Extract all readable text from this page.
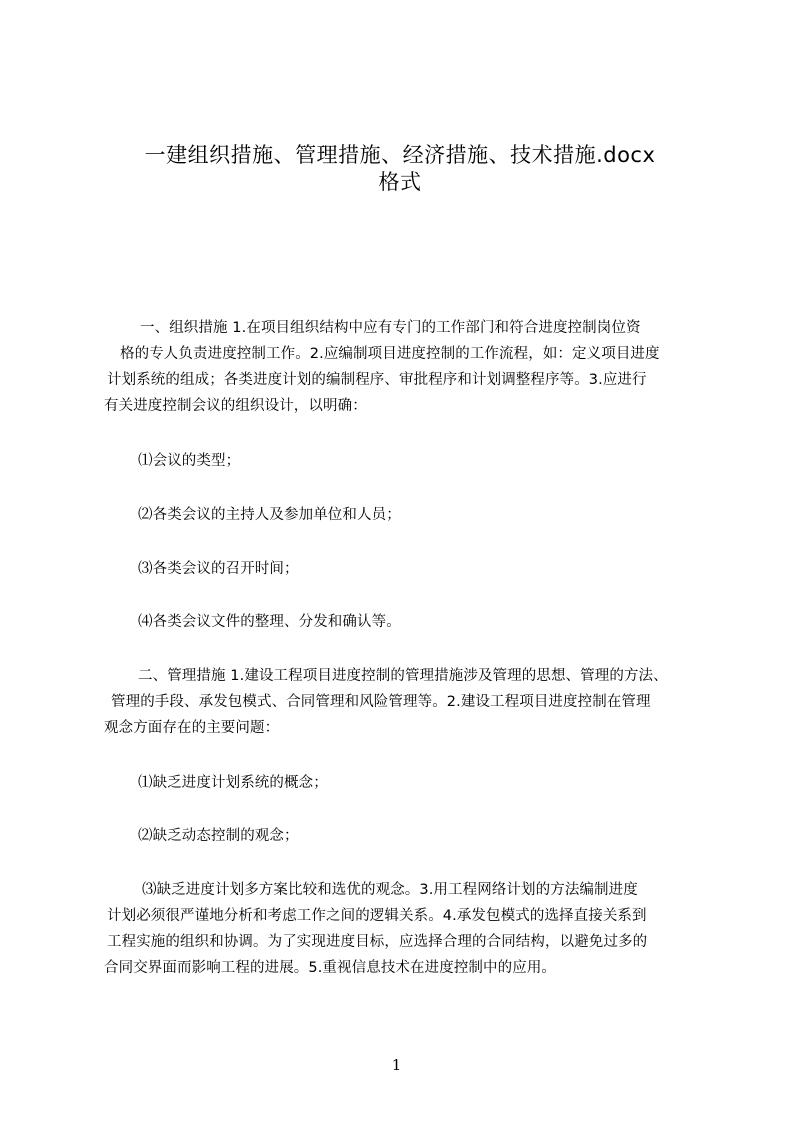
一建组织措施、管理措施、经济措施、技术措施.docx
格式
一、组织措施 1.在项目组织结构中应有专门的工作部门和符合进度控制岗位资
格的专人负责进度控制工作。2.应编制项目进度控制的工作流程，如：定义项目进度
计划系统的组成；各类进度计划的编制程序、审批程序和计划调整程序等。3.应进行
有关进度控制会议的组织设计，以明确：
⑴会议的类型；
⑵各类会议的主持人及参加单位和人员；
⑶各类会议的召开时间；
⑷各类会议文件的整理、分发和确认等。
二、管理措施 1.建设工程项目进度控制的管理措施涉及管理的思想、管理的方法、
管理的手段、承发包模式、合同管理和风险管理等。2.建设工程项目进度控制在管理
观念方面存在的主要问题：
⑴缺乏进度计划系统的概念；
⑵缺乏动态控制的观念；
⑶缺乏进度计划多方案比较和选优的观念。3.用工程网络计划的方法编制进度
计划必须很严谨地分析和考虑工作之间的逻辑关系。4.承发包模式的选择直接关系到
工程实施的组织和协调。为了实现进度目标，应选择合理的合同结构，以避免过多的
合同交界面而影响工程的进展。5.重视信息技术在进度控制中的应用。
1
